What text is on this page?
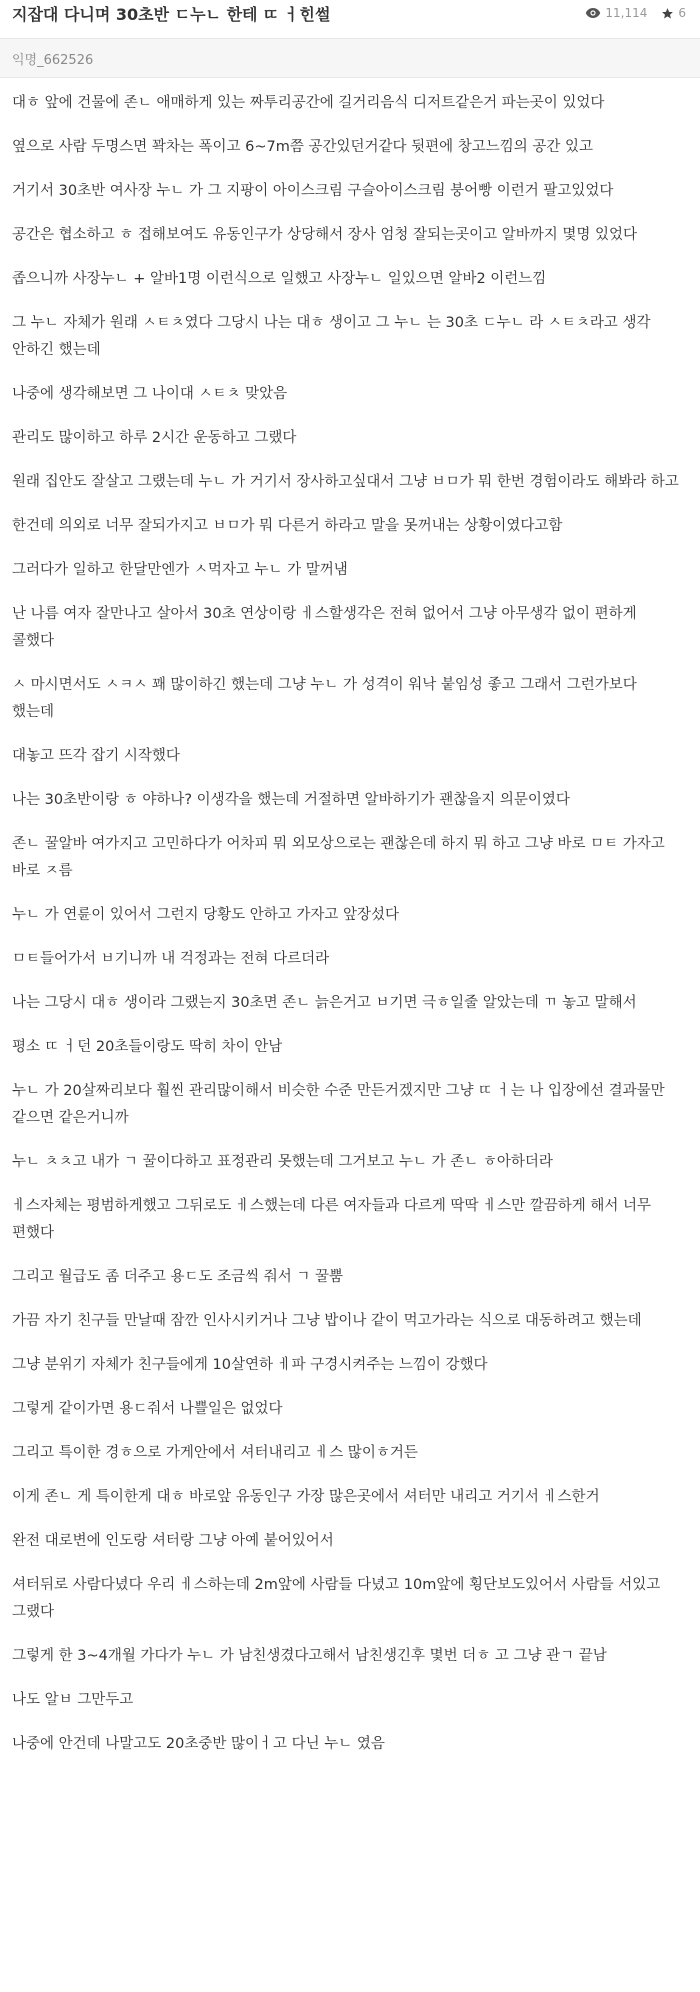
지잡대 다니며 30초반 ㄷ누ㄴ 한테 ㄸ ㅓ힌썰	11,114	6
익명_662526

대ㅎ 앞에 건물에 존ㄴ 애매하게 있는 짜투리공간에 길거리음식 디저트같은거 파는곳이 있었다

옆으로 사람 두명스면 꽉차는 폭이고 6~7m쯤 공간있던거같다 뒷편에 창고느낌의 공간 있고

거기서 30초반 여사장 누ㄴ 가 그 지팡이 아이스크림 구슬아이스크림 붕어빵 이런거 팔고있었다

공간은 협소하고 ㅎ 접해보여도 유동인구가 상당해서 장사 엄청 잘되는곳이고 알바까지 몇명 있었다

좁으니까 사장누ㄴ + 알바1명 이런식으로 일했고 사장누ㄴ 일있으면 알바2 이런느낌

그 누ㄴ 자체가 원래 ㅅㅌㅊ였다 그당시 나는 대ㅎ 생이고 그 누ㄴ 는 30초 ㄷ누ㄴ 라 ㅅㅌㅊ라고 생각 안하긴 했는데

나중에 생각해보면 그 나이대 ㅅㅌㅊ 맞았음

관리도 많이하고 하루 2시간 운동하고 그랬다

원래 집안도 잘살고 그랬는데 누ㄴ 가 거기서 장사하고싶대서 그냥 ㅂㅁ가 뭐 한번 경험이라도 해봐라 하고

한건데 의외로 너무 잘되가지고 ㅂㅁ가 뭐 다른거 하라고 말을 못꺼내는 상황이였다고함

그러다가 일하고 한달만엔가 ㅅ먹자고 누ㄴ 가 말꺼냄

난 나름 여자 잘만나고 살아서 30초 연상이랑 ㅔ스할생각은 전혀 없어서 그냥 아무생각 없이 편하게 콜했다

ㅅ 마시면서도 ㅅㅋㅅ 꽤 많이하긴 했는데 그냥 누ㄴ 가 성격이 워낙 붙임성 좋고 그래서 그런가보다 했는데

대놓고 뜨각 잡기 시작했다

나는 30초반이랑 ㅎ 야하나? 이생각을 했는데 거절하면 알바하기가 괜찮을지 의문이였다

존ㄴ 꿀알바 여가지고 고민하다가 어차피 뭐 외모상으로는 괜찮은데 하지 뭐 하고 그냥 바로 ㅁㅌ 가자고 바로 ㅈ름

누ㄴ 가 연륜이 있어서 그런지 당황도 안하고 가자고 앞장섰다

ㅁㅌ들어가서 ㅂ기니까 내 걱정과는 전혀 다르더라

나는 그당시 대ㅎ 생이라 그랬는지 30초면 존ㄴ 늙은거고 ㅂ기면 극ㅎ일줄 알았는데 ㄲ 놓고 말해서

평소 ㄸ ㅓ던 20초들이랑도 딱히 차이 안남

누ㄴ 가 20살짜리보다 훨씬 관리많이해서 비슷한 수준 만든거겠지만 그냥 ㄸ ㅓ는 나 입장에선 결과물만 같으면 같은거니까

누ㄴ ㅊㅊ고 내가 ㄱ 꿀이다하고 표정관리 못했는데 그거보고 누ㄴ 가 존ㄴ ㅎ아하더라

ㅔ스자체는 평범하게했고 그뒤로도 ㅔ스했는데 다른 여자들과 다르게 딱딱 ㅔ스만 깔끔하게 해서 너무 편했다

그리고 월급도 좀 더주고 용ㄷ도 조금씩 줘서 ㄱ 꿀뿜

가끔 자기 친구들 만날때 잠깐 인사시키거나 그냥 밥이나 같이 먹고가라는 식으로 대동하려고 했는데

그냥 분위기 자체가 친구들에게 10살연하 ㅔ파 구경시켜주는 느낌이 강했다

그렇게 같이가면 용ㄷ줘서 나쁠일은 없었다

그리고 특이한 경ㅎ으로 가게안에서 셔터내리고 ㅔ스 많이ㅎ거든

이게 존ㄴ 게 특이한게 대ㅎ 바로앞 유동인구 가장 많은곳에서 셔터만 내리고 거기서 ㅔ스한거

완전 대로변에 인도랑 셔터랑 그냥 아예 붙어있어서

셔터뒤로 사람다녔다 우리 ㅔ스하는데 2m앞에 사람들 다녔고 10m앞에 횡단보도있어서 사람들 서있고 그랬다

그렇게 한 3~4개월 가다가 누ㄴ 가 남친생겼다고해서 남친생긴후 몇번 더ㅎ 고 그냥 관ㄱ 끝남

나도 알ㅂ 그만두고

나중에 안건데 나말고도 20초중반 많이ㅓ고 다닌 누ㄴ 였음
